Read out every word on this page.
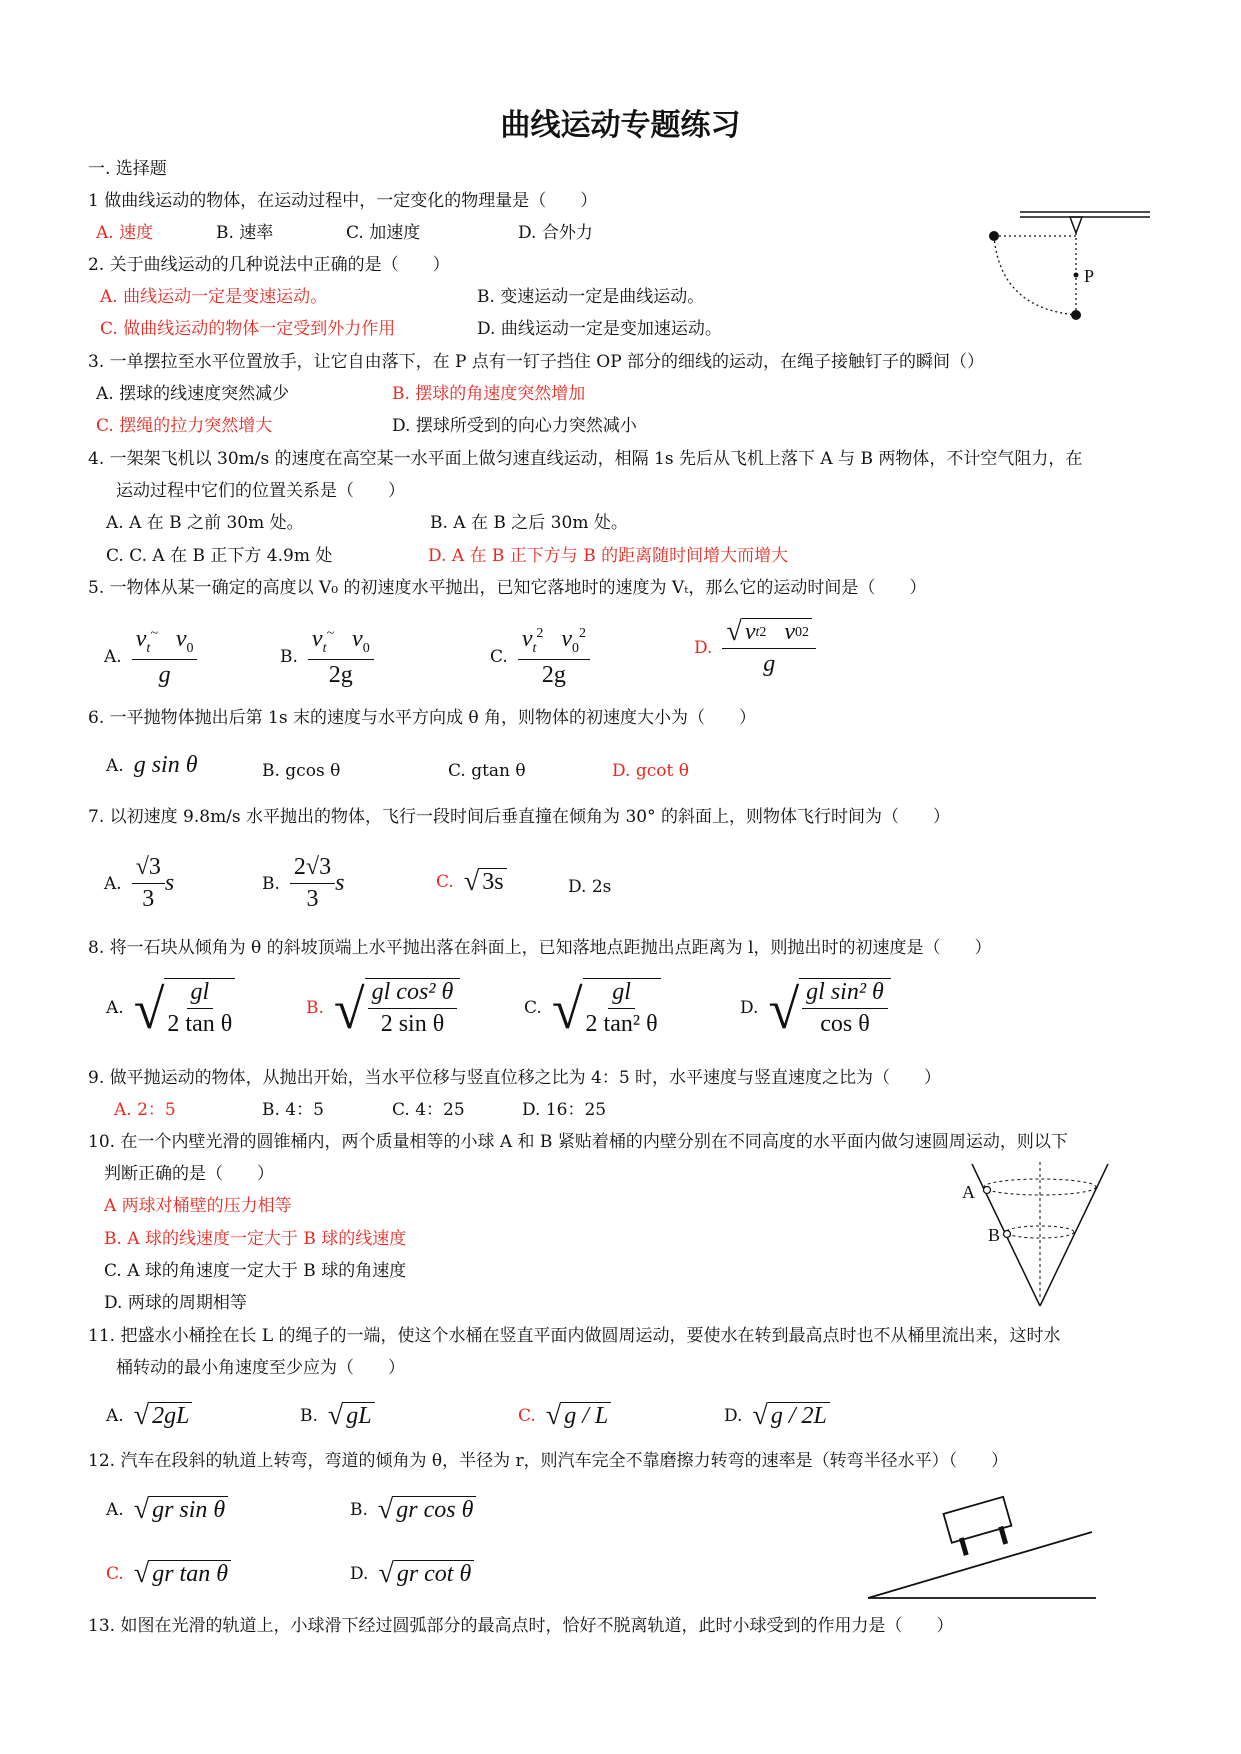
曲线运动专题练习
一. 选择题
1 做曲线运动的物体，在运动过程中，一定变化的物理量是（　　）
A. 速度	B. 速率	C. 加速度	D. 合外力
P
2. 关于曲线运动的几种说法中正确的是（　　）
A. 曲线运动一定是变速运动。	B. 变速运动一定是曲线运动。
C. 做曲线运动的物体一定受到外力作用	D. 曲线运动一定是变加速运动。
3. 一单摆拉至水平位置放手，让它自由落下，在 P 点有一钉子挡住 OP 部分的细线的运动，在绳子接触钉子的瞬间（）
A. 摆球的线速度突然减少	B. 摆球的角速度突然增加
C. 摆绳的拉力突然增大	D. 摆球所受到的向心力突然减小
4. 一架架飞机以 30m/s 的速度在高空某一水平面上做匀速直线运动，相隔 1s 先后从飞机上落下 A 与 B 两物体，不计空气阻力，在
运动过程中它们的位置关系是（　　）
A. A 在 B 之前 30m 处。	B. A 在 B 之后 30m 处。
C. C. A 在 B 正下方 4.9m 处	D. A 在 B 正下方与 B 的距离随时间增大而增大
5. 一物体从某一确定的高度以 V₀ 的初速度水平抛出，已知它落地时的速度为 Vₜ，那么它的运动时间是（　　）
A. $\frac{v_t^\sim v_0}{g}$	B. $\frac{v_t^\sim v_0}{2g}$	C. $\frac{v_t^2 v_0^2}{2g}$	D. √ v t 2
v 0 2
g
6. 一平抛物体抛出后第 1s 末的速度与水平方向成 θ 角，则物体的初速度大小为（　　）
A. g sin θ	B. gcos θ	C. gtan θ	D. gcot θ
7. 以初速度 9.8m/s 水平抛出的物体，飞行一段时间后垂直撞在倾角为 30° 的斜面上，则物体飞行时间为（　　）
A. $\frac{√3}{3}$ s	B. $\frac{2√3}{3}$ s	C. √ 3s	D. 2s
8. 将一石块从倾角为 θ 的斜坡顶端上水平抛出落在斜面上，已知落地点距抛出点距离为 l，则抛出时的初速度是（　　）
A. √ $\frac{gl}{\text{2 tan θ}}$	B. √ $\frac{\text{gl cos² θ}}{\text{2 sin θ}}$	C. √ $\frac{gl}{\text{2 tan² θ}}$	D. √ $\frac{\text{gl sin² θ}}{\text{cos θ}}$
9. 做平抛运动的物体，从抛出开始，当水平位移与竖直位移之比为 4：5 时，水平速度与竖直速度之比为（　　）
A. 2：5	B. 4：5	C. 4：25	D. 16：25
10. 在一个内壁光滑的圆锥桶内，两个质量相等的小球 A 和 B 紧贴着桶的内壁分别在不同高度的水平面内做匀速圆周运动，则以下
判断正确的是（　　）
A 两球对桶壁的压力相等
B. A 球的线速度一定大于 B 球的线速度
C. A 球的角速度一定大于 B 球的角速度
D. 两球的周期相等
A
B
11. 把盛水小桶拴在长 L 的绳子的一端，使这个水桶在竖直平面内做圆周运动，要使水在转到最高点时也不从桶里流出来，这时水
桶转动的最小角速度至少应为（　　）
A. √ 2gL	B. √ gL	C. √ g / L	D. √ g / 2L
12. 汽车在段斜的轨道上转弯，弯道的倾角为 θ，半径为 r，则汽车完全不靠磨擦力转弯的速率是（转弯半径水平）（　　）
A. √ gr sin θ	B. √ gr cos θ
C. √ gr tan θ	D. √ gr cot θ
13. 如图在光滑的轨道上，小球滑下经过圆弧部分的最高点时，恰好不脱离轨道，此时小球受到的作用力是（　　）
